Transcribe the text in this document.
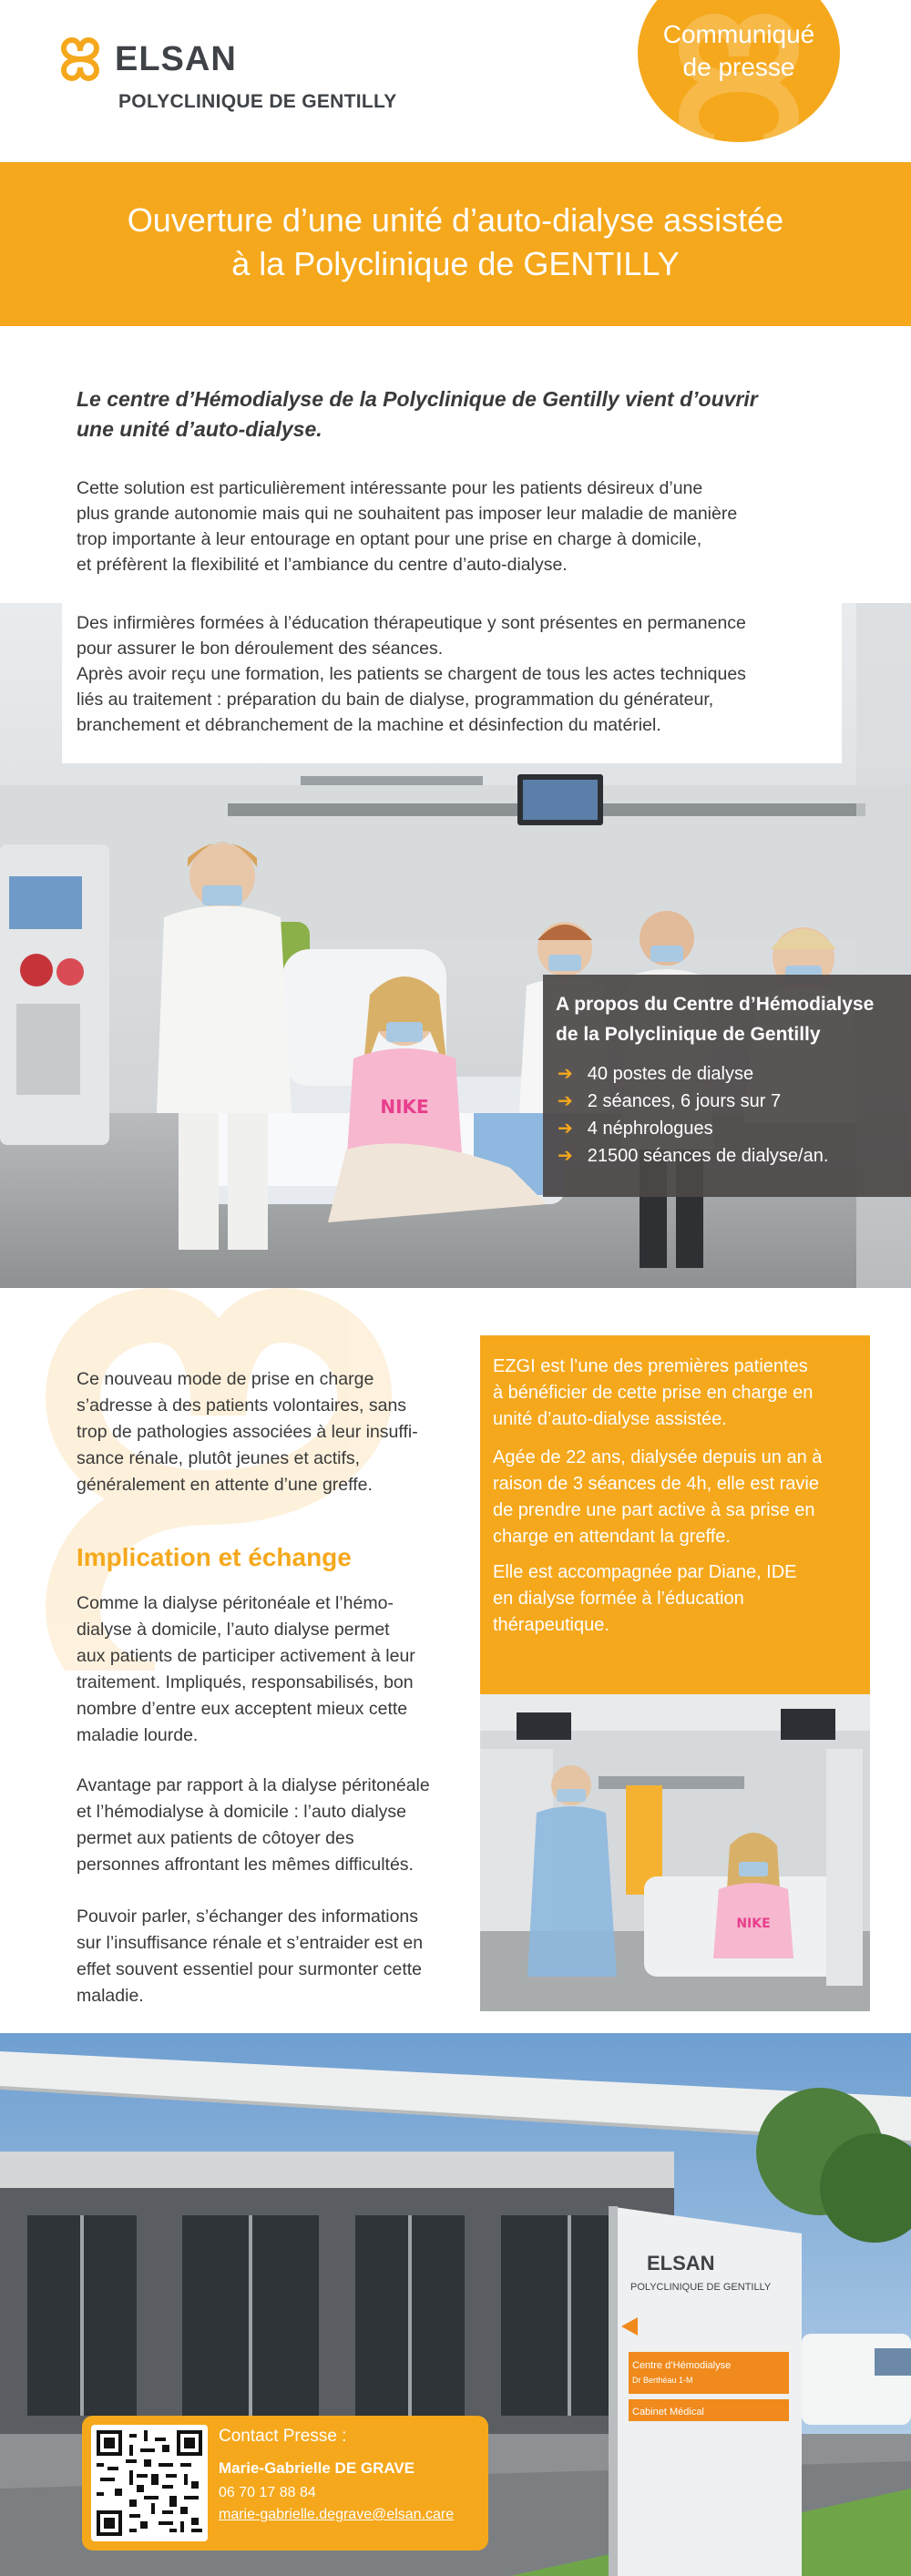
ELSAN
POLYCLINIQUE DE GENTILLY
Communiqué
de presse
Ouverture d’une unité d’auto-dialyse assistée
à la Polyclinique de GENTILLY
Le centre d’Hémodialyse de la Polyclinique de Gentilly vient d’ouvrir
une unité d’auto-dialyse.
Cette solution est particulièrement intéressante pour les patients désireux d’une
plus grande autonomie mais qui ne souhaitent pas imposer leur maladie de manière
trop importante à leur entourage en optant pour une prise en charge à domicile,
et préfèrent la flexibilité et l’ambiance du centre d’auto-dialyse.
NIKE
Des infirmières formées à l’éducation thérapeutique y sont présentes en permanence
pour assurer le bon déroulement des séances.
Après avoir reçu une formation, les patients se chargent de tous les actes techniques
liés au traitement : préparation du bain de dialyse, programmation du générateur,
branchement et débranchement de la machine et désinfection du matériel.
A propos du Centre d’Hémodialyse
de la Polyclinique de Gentilly
➔ 40 postes de dialyse
➔ 2 séances, 6 jours sur 7
➔ 4 néphrologues
➔ 21500 séances de dialyse/an.
Ce nouveau mode de prise en charge
s’adresse à des patients volontaires, sans
trop de pathologies associées à leur insuffi-
sance rénale, plutôt jeunes et actifs,
généralement en attente d’une greffe.
Implication et échange
Comme la dialyse péritonéale et l’hémo-
dialyse à domicile, l’auto dialyse permet
aux patients de participer activement à leur
traitement. Impliqués, responsabilisés, bon
nombre d’entre eux acceptent mieux cette
maladie lourde.
Avantage par rapport à la dialyse péritonéale
et l’hémodialyse à domicile : l’auto dialyse
permet aux patients de côtoyer des
personnes affrontant les mêmes difficultés.
Pouvoir parler, s’échanger des informations
sur l’insuffisance rénale et s’entraider est en
effet souvent essentiel pour surmonter cette
maladie.
EZGI est l’une des premières patientes
à bénéficier de cette prise en charge en
unité d’auto-dialyse assistée.
Agée de 22 ans, dialysée depuis un an à
raison de 3 séances de 4h, elle est ravie
de prendre une part active à sa prise en
charge en attendant la greffe.
Elle est accompagnée par Diane, IDE
en dialyse formée à l’éducation
thérapeutique.
NIKE
ELSAN
POLYCLINIQUE DE GENTILLY
Centre d’Hémodialyse
Dr Berthéau 1-M
Cabinet Médical
Contact Presse :
Marie-Gabrielle DE GRAVE
06 70 17 88 84
marie-gabrielle.degrave@elsan.care
